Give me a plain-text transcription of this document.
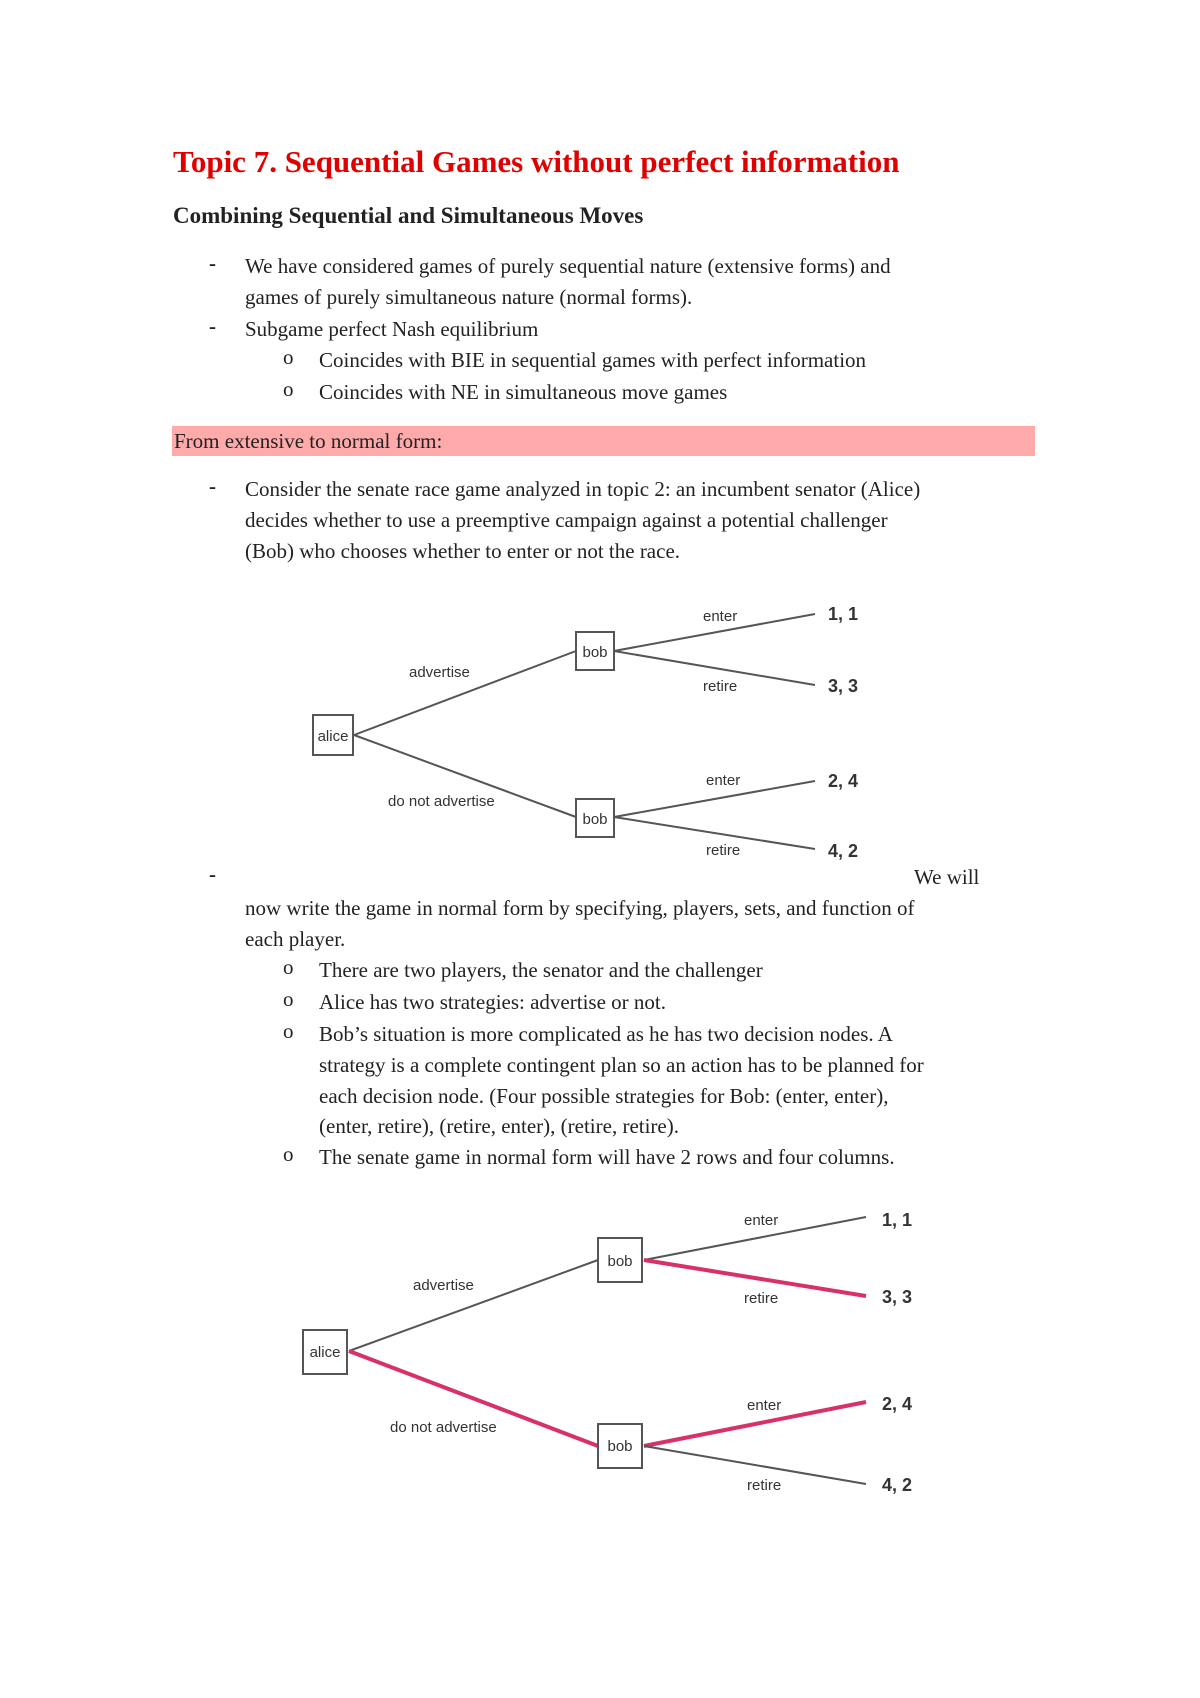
Topic 7. Sequential Games without perfect information
Combining Sequential and Simultaneous Moves
- We have considered games of purely sequential nature (extensive forms) and
games of purely simultaneous nature (normal forms).
- Subgame perfect Nash equilibrium
o Coincides with BIE in sequential games with perfect information
o Coincides with NE in simultaneous move games
From extensive to normal form:
- Consider the senate race game analyzed in topic 2: an incumbent senator (Alice)
decides whether to use a preemptive campaign against a potential challenger
(Bob) who chooses whether to enter or not the race.
-	We will
now write the game in normal form by specifying, players, sets, and function of
each player.
o There are two players, the senator and the challenger
o Alice has two strategies: advertise or not.
o Bob’s situation is more complicated as he has two decision nodes. A
strategy is a complete contingent plan so an action has to be planned for
each decision node. (Four possible strategies for Bob: (enter, enter),
(enter, retire), (retire, enter), (retire, retire).
o The senate game in normal form will have 2 rows and four columns.
alice
bob
bob
advertise
do not advertise
enter
retire
enter
retire
1, 1
3, 3
2, 4
4, 2
alice
bob
bob
advertise
do not advertise
enter
retire
enter
retire
1, 1
3, 3
2, 4
4, 2
